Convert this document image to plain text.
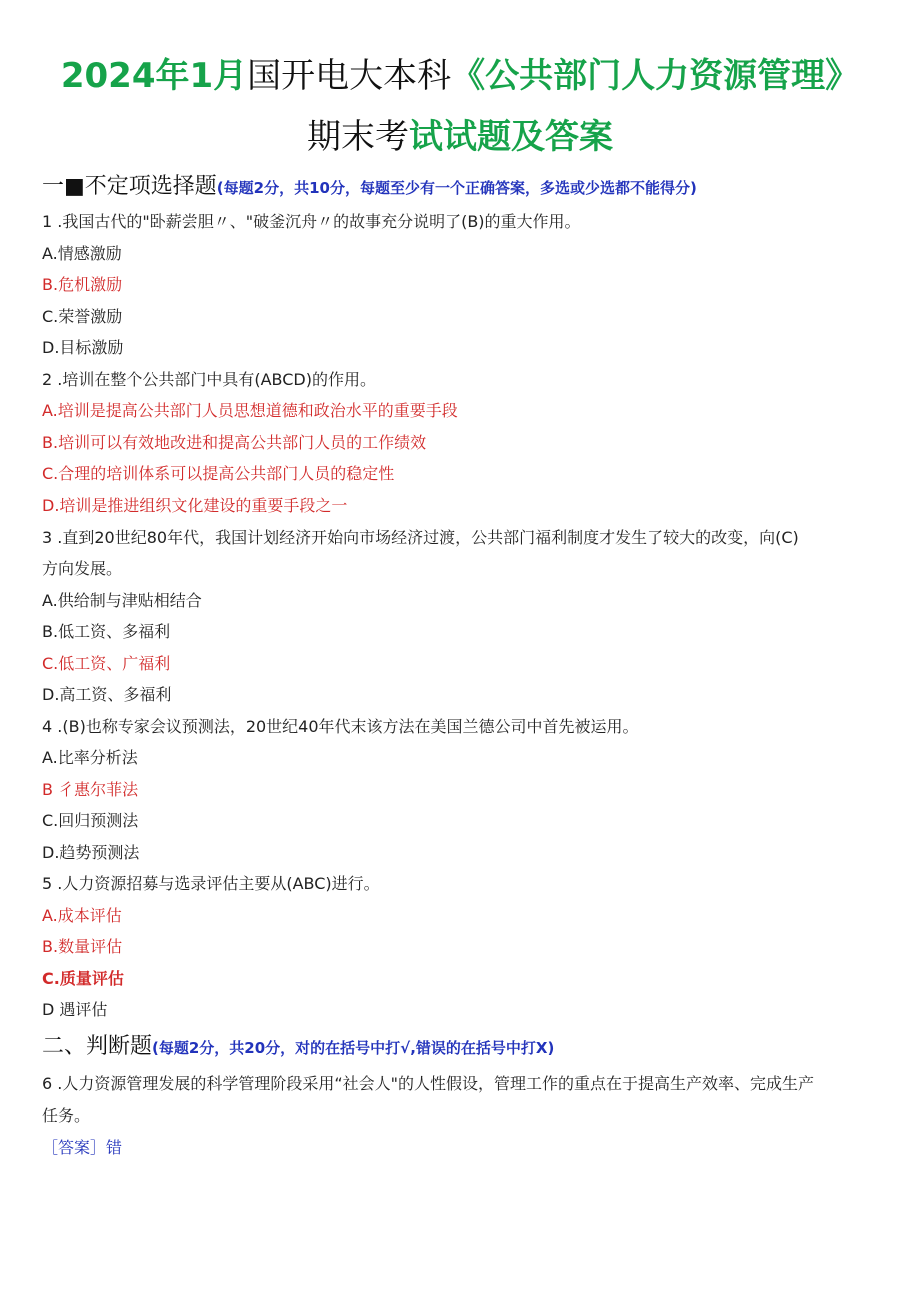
2024年1月国开电大本科《公共部门人力资源管理》
期末考试试题及答案
一■不定项选择题(每题2分，共10分，每题至少有一个正确答案，多选或少选都不能得分)
1 .我国古代的"卧薪尝胆〃、"破釜沉舟〃的故事充分说明了(B)的重大作用。
A.情感激励
B.危机激励
C.荣誉激励
D.目标激励
2 .培训在整个公共部门中具有(ABCD)的作用。
A.培训是提高公共部门人员思想道德和政治水平的重要手段
B.培训可以有效地改进和提高公共部门人员的工作绩效
C.合理的培训体系可以提高公共部门人员的稳定性
D.培训是推进组织文化建设的重要手段之一
3 .直到20世纪80年代，我国计划经济开始向市场经济过渡，公共部门福利制度才发生了较大的改变，向(C)
方向发展。
A.供给制与津贴相结合
B.低工资、多福利
C.低工资、广福利
D.高工资、多福利
4 .(B)也称专家会议预测法，20世纪40年代末该方法在美国兰德公司中首先被运用。
A.比率分析法
B 彳惠尔菲法
C.回归预测法
D.趋势预测法
5 .人力资源招募与选录评估主要从(ABC)进行。
A.成本评估
B.数量评估
C.质量评估
D 遇评估
二、判断题(每题2分，共20分，对的在括号中打√,错误的在括号中打X)
6 .人力资源管理发展的科学管理阶段采用“社会人"的人性假设，管理工作的重点在于提高生产效率、完成生产
任务。
［答案］错
